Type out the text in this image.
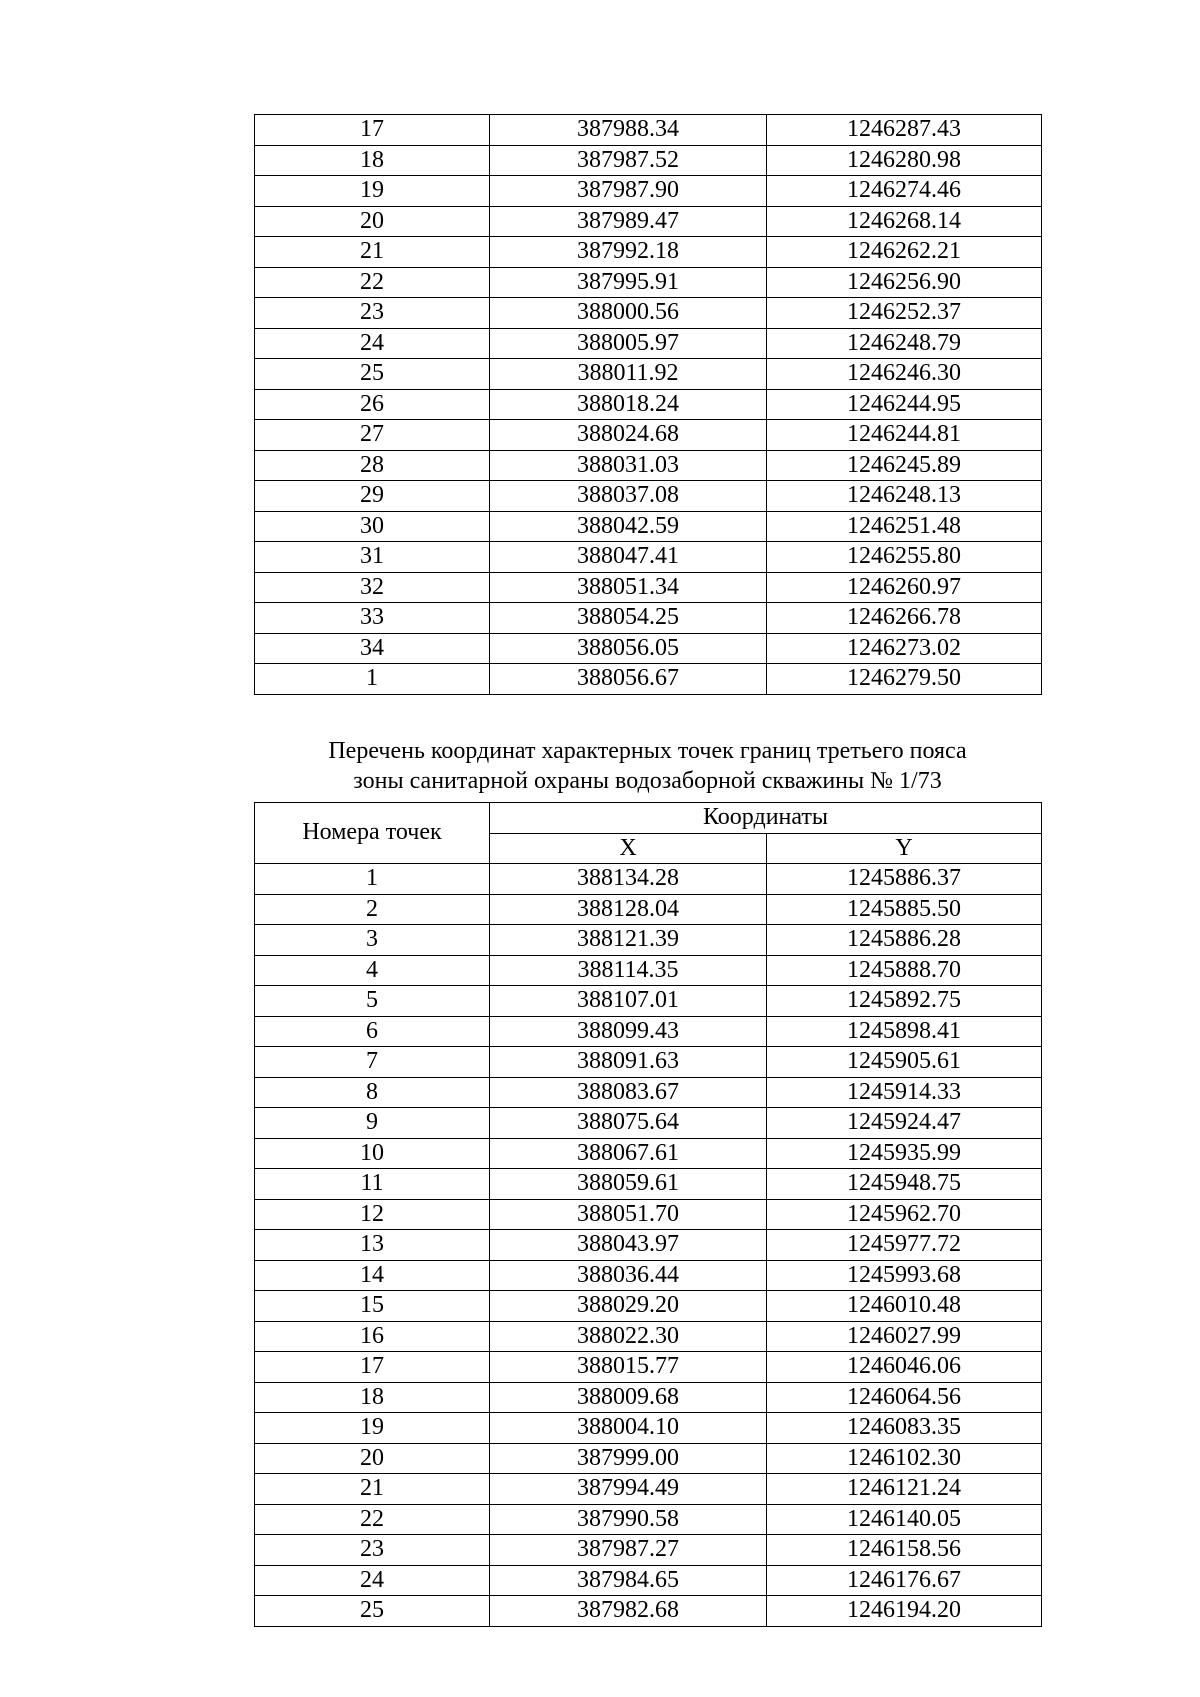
17	387988.34	1246287.43
18	387987.52	1246280.98
19	387987.90	1246274.46
20	387989.47	1246268.14
21	387992.18	1246262.21
22	387995.91	1246256.90
23	388000.56	1246252.37
24	388005.97	1246248.79
25	388011.92	1246246.30
26	388018.24	1246244.95
27	388024.68	1246244.81
28	388031.03	1246245.89
29	388037.08	1246248.13
30	388042.59	1246251.48
31	388047.41	1246255.80
32	388051.34	1246260.97
33	388054.25	1246266.78
34	388056.05	1246273.02
1	388056.67	1246279.50
Перечень координат характерных точек границ третьего пояса
зоны санитарной охраны водозаборной скважины № 1/73
Номера точек	Координаты	
	X	Y
1	388134.28	1245886.37
2	388128.04	1245885.50
3	388121.39	1245886.28
4	388114.35	1245888.70
5	388107.01	1245892.75
6	388099.43	1245898.41
7	388091.63	1245905.61
8	388083.67	1245914.33
9	388075.64	1245924.47
10	388067.61	1245935.99
11	388059.61	1245948.75
12	388051.70	1245962.70
13	388043.97	1245977.72
14	388036.44	1245993.68
15	388029.20	1246010.48
16	388022.30	1246027.99
17	388015.77	1246046.06
18	388009.68	1246064.56
19	388004.10	1246083.35
20	387999.00	1246102.30
21	387994.49	1246121.24
22	387990.58	1246140.05
23	387987.27	1246158.56
24	387984.65	1246176.67
25	387982.68	1246194.20
